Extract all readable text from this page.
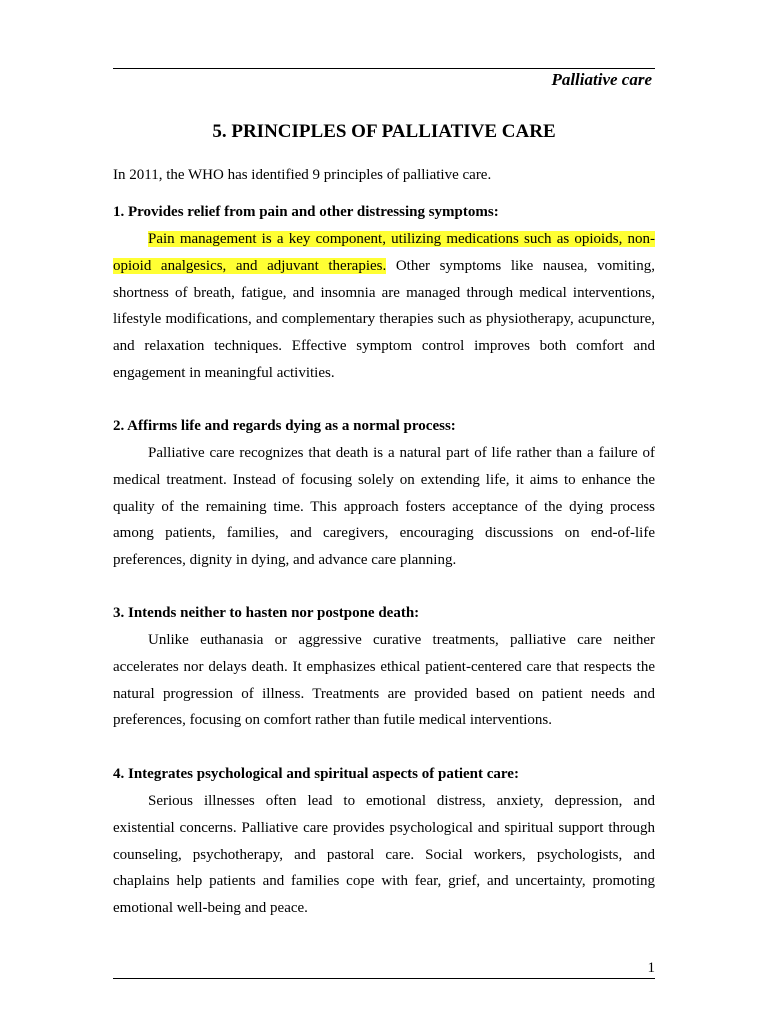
Palliative care
5. PRINCIPLES OF PALLIATIVE CARE

In 2011, the WHO has identified 9 principles of palliative care.

1. Provides relief from pain and other distressing symptoms:

Pain management is a key component, utilizing medications such as opioids, non-opioid analgesics, and adjuvant therapies. Other symptoms like nausea, vomiting, shortness of breath, fatigue, and insomnia are managed through medical interventions, lifestyle modifications, and complementary therapies such as physiotherapy, acupuncture, and relaxation techniques. Effective symptom control improves both comfort and engagement in meaningful activities.

2. Affirms life and regards dying as a normal process:

Palliative care recognizes that death is a natural part of life rather than a failure of medical treatment. Instead of focusing solely on extending life, it aims to enhance the quality of the remaining time. This approach fosters acceptance of the dying process among patients, families, and caregivers, encouraging discussions on end-of-life preferences, dignity in dying, and advance care planning.

3. Intends neither to hasten nor postpone death:

Unlike euthanasia or aggressive curative treatments, palliative care neither accelerates nor delays death. It emphasizes ethical patient-centered care that respects the natural progression of illness. Treatments are provided based on patient needs and preferences, focusing on comfort rather than futile medical interventions.

4. Integrates psychological and spiritual aspects of patient care:

Serious illnesses often lead to emotional distress, anxiety, depression, and existential concerns. Palliative care provides psychological and spiritual support through counseling, psychotherapy, and pastoral care. Social workers, psychologists, and chaplains help patients and families cope with fear, grief, and uncertainty, promoting emotional well-being and peace.

1
